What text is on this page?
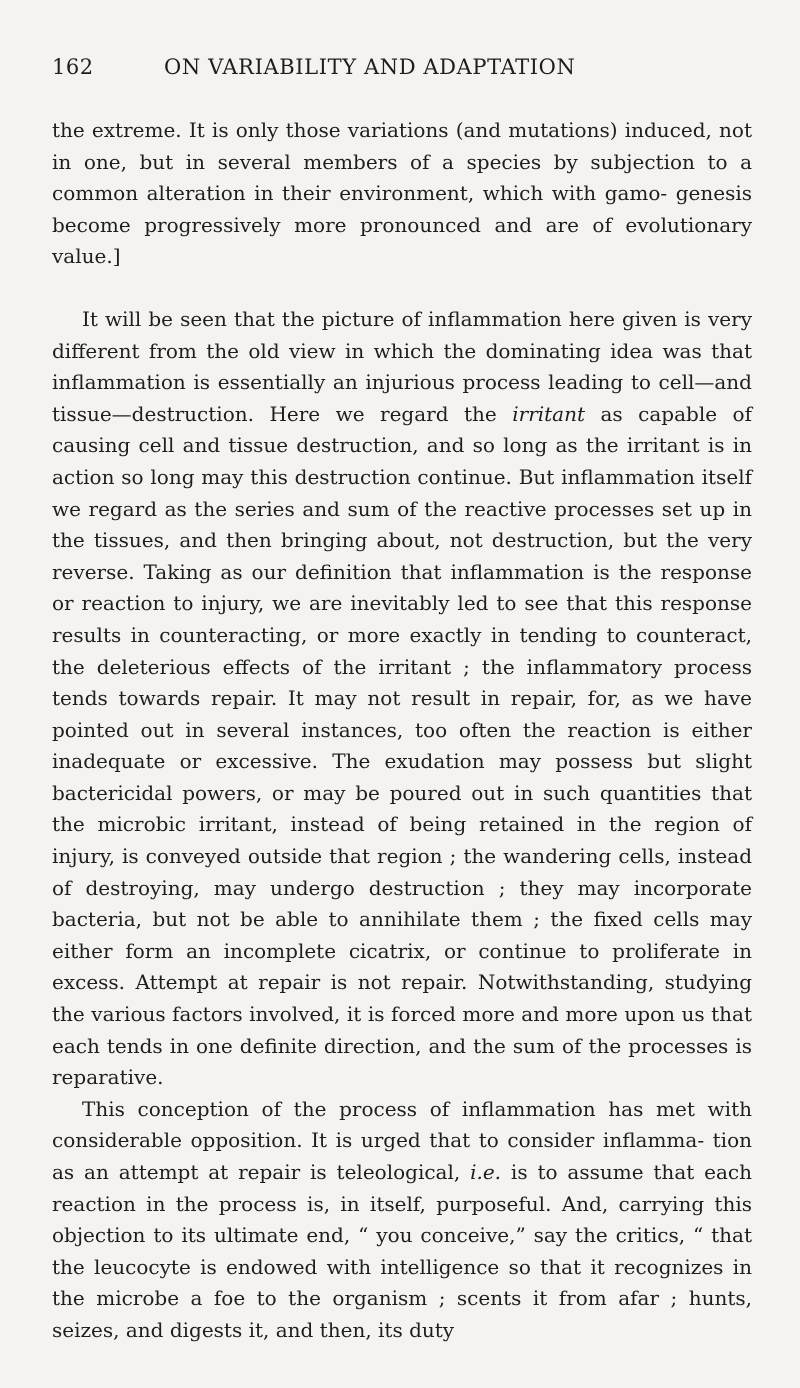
162	ON VARIABILITY AND ADAPTATION

the extreme. It is only those variations (and mutations) induced, not in one, but in several members of a species by subjection to a common alteration in their environment, which with gamo- genesis become progressively more pronounced and are of evolutionary value.]

It will be seen that the picture of inflammation here given is very different from the old view in which the dominating idea was that inflammation is essentially an injurious process leading to cell—and tissue—destruction. Here we regard the irritant as capable of causing cell and tissue destruction, and so long as the irritant is in action so long may this destruction continue. But inflammation itself we regard as the series and sum of the reactive processes set up in the tissues, and then bringing about, not destruction, but the very reverse. Taking as our definition that inflammation is the response or reaction to injury, we are inevitably led to see that this response results in counteracting, or more exactly in tending to counteract, the deleterious effects of the irritant ; the inflammatory process tends towards repair. It may not result in repair, for, as we have pointed out in several instances, too often the reaction is either inadequate or excessive. The exudation may possess but slight bactericidal powers, or may be poured out in such quantities that the microbic irritant, instead of being retained in the region of injury, is conveyed outside that region ; the wandering cells, instead of destroying, may undergo destruction ; they may incorporate bacteria, but not be able to annihilate them ; the fixed cells may either form an incomplete cicatrix, or continue to proliferate in excess. Attempt at repair is not repair. Notwithstanding, studying the various factors involved, it is forced more and more upon us that each tends in one definite direction, and the sum of the processes is reparative.

This conception of the process of inflammation has met with considerable opposition. It is urged that to consider inflamma- tion as an attempt at repair is teleological, i.e. is to assume that each reaction in the process is, in itself, purposeful. And, carrying this objection to its ultimate end, “ you conceive,” say the critics, “ that the leucocyte is endowed with intelligence so that it recognizes in the microbe a foe to the organism ; scents it from afar ; hunts, seizes, and digests it, and then, its duty
